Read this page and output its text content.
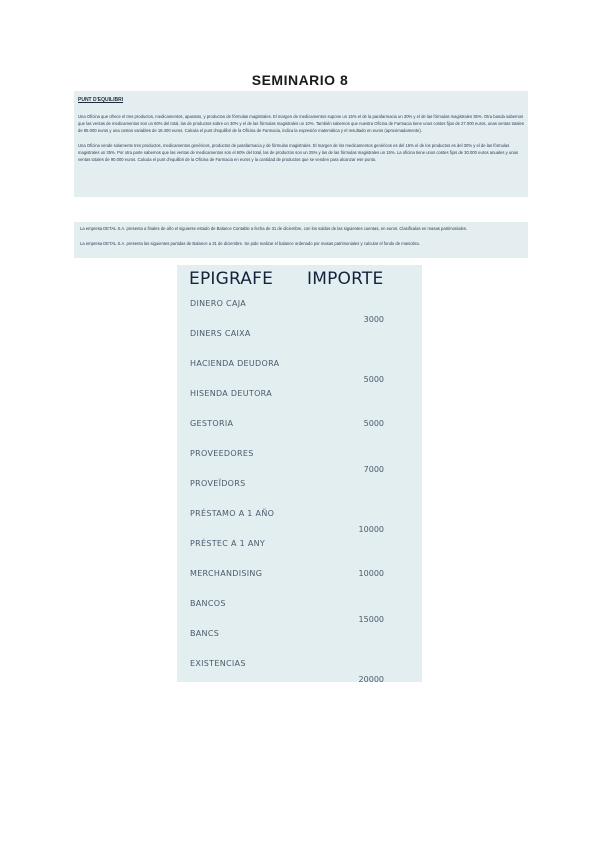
SEMINARIO 8
PUNT D'EQUILIBRI

Una Oficina que ofrece el tres productos, medicamentos, aparatos, y productos de fórmulas magistrales. El margen de medicamentos supone un 15% el de la parafarmacia un 30% y el de las fórmulas magistrales 35%. Otra banda sabemos que las ventas de medicamentos son un 60% del total, las de productos sobre un 30% y el de las fórmulas magistrales un 10%. También sabemos que nuestra Oficina de Farmacia tiene unos costos fijos de 27.000 euros, unas ventas totales de 85.000 euros y una costos variables de 18.400 euros. Calcula el punt d'equilibri de la Oficina de Farmacia, indica la expresión matemática y el resultado en euros (aproximadamente).

Una Oficina vende solamente tres productos, medicamentos genéricos, productos de parafarmacia y de fórmulas magistrales. El margen de los medicamentos genéricos es del 15% el de los productos es del 30% y el de las fórmulas magistrales un 35%. Por otra parte sabemos que las ventas de medicamentos son el 60% del total, las de productos son un 25% y las de las fórmulas magistrales un 15%. La oficina tiene unos costes fijos de 30.000 euros anuales y unas ventas totales de 90.000 euros. Calcula el punt d'equilibri de la Oficina de Farmacia en euros y la cantidad de productos que se venden para alcanzar ese punto.

La empresa DETAL S.A. presenta a finales de año el siguiente estado de Balance Contable a fecha de 31 de diciembre, con los saldos de las siguientes cuentas, en euros. Clasificalas en masas patrimoniales.

La empresa DETAL S.A. presenta las siguientes partidas de Balance a 31 de diciembre. Se pide realizar el balance ordenado por masas patrimoniales y calcular el fondo de maniobra.

EPIGRAFE IMPORTE
DINERO CAJA
3000
DINERS CAIXA
HACIENDA DEUDORA
5000
HISENDA DEUTORA
GESTORIA	5000
PROVEEDORES
7000
PROVEÏDORS
PRÉSTAMO A 1 AÑO
10000
PRÉSTEC A 1 ANY
MERCHANDISING	10000
BANCOS
15000
BANCS
EXISTENCIAS
20000
